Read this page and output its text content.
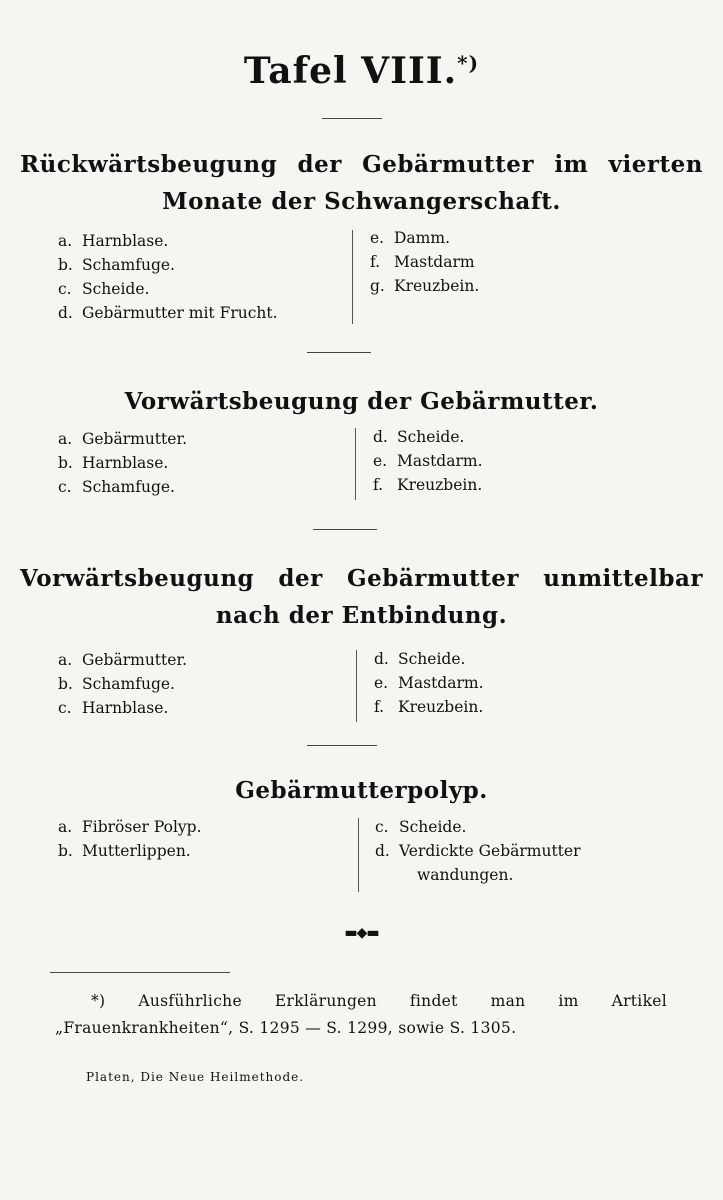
Tafel VIII.*)
Rückwärtsbeugung der Gebärmutter im vierten Monate der Schwangerschaft.
a. Harnblase.
b. Schamfuge.
c. Scheide.
d. Gebärmutter mit Frucht.
e. Damm.
f. Mastdarm
g. Kreuzbein.
Vorwärtsbeugung der Gebärmutter.
a. Gebärmutter.
b. Harnblase.
c. Schamfuge.
d. Scheide.
e. Mastdarm.
f. Kreuzbein.
Vorwärtsbeugung der Gebärmutter unmittelbar nach der Entbindung.
a. Gebärmutter.
b. Schamfuge.
c. Harnblase.
d. Scheide.
e. Mastdarm.
f. Kreuzbein.
Gebärmutterpolyp.
a. Fibröser Polyp.
b. Mutterlippen.
c. Scheide.
d. Verdickte Gebärmutter
wandungen.
▬◆▬
*) Ausführliche Erklärungen findet man im Artikel „Frauenkrankheiten“, S. 1295 — S. 1299, sowie S. 1305.
Platen, Die Neue Heilmethode.
